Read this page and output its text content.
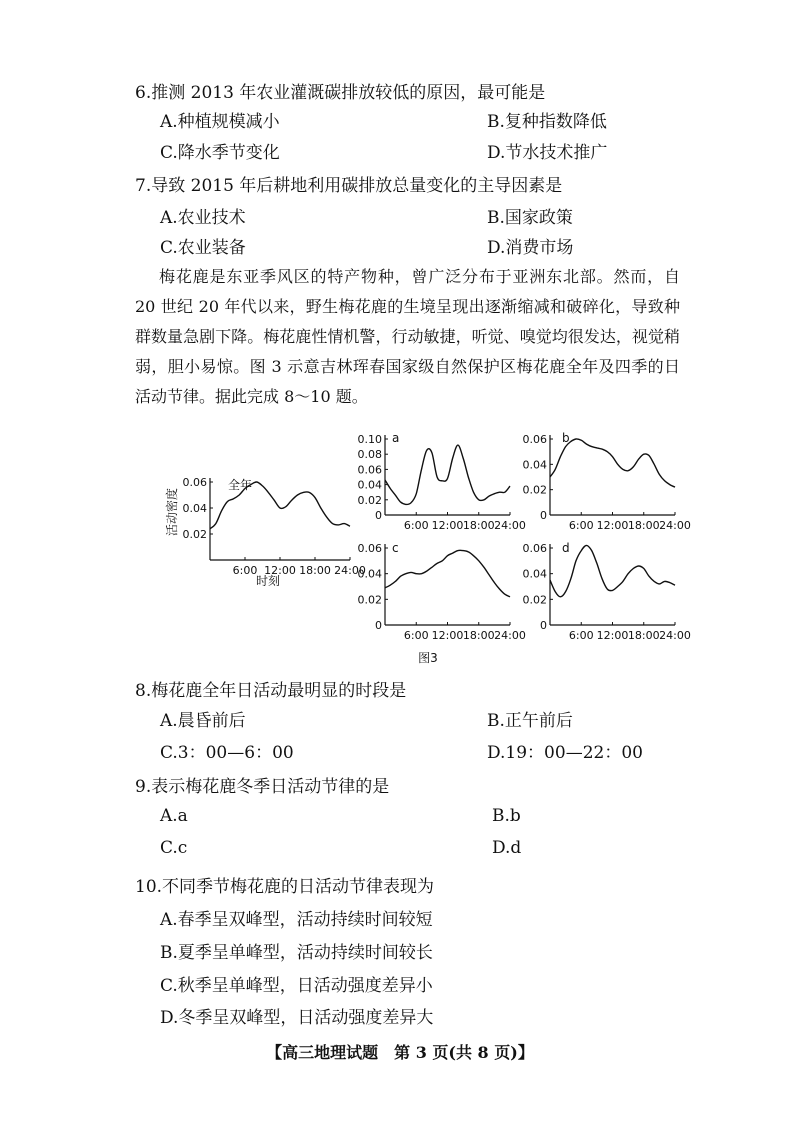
6.推测 2013 年农业灌溉碳排放较低的原因，最可能是
A.种植规模减小	B.复种指数降低
C.降水季节变化	D.节水技术推广
7.导致 2015 年后耕地利用碳排放总量变化的主导因素是
A.农业技术	B.国家政策
C.农业装备	D.消费市场
梅花鹿是东亚季风区的特产物种，曾广泛分布于亚洲东北部。然而，自 20 世纪 20 年代以来，野生梅花鹿的生境呈现出逐渐缩减和破碎化，导致种群数量急剧下降。梅花鹿性情机警，行动敏捷，听觉、嗅觉均很发达，视觉稍弱，胆小易惊。图 3 示意吉林珲春国家级自然保护区梅花鹿全年及四季的日活动节律。据此完成 8～10 题。
图3
6:00 12:00 18:00 24:00
0.02
0.04
0.06 全年
活动密度
时刻
6:00 12:00 18:00 24:00
0
0.02
0.04
0.06
0.08
0.10 a
6:00 12:00 18:00 24:00
0
0.02
0.04
0.06 b
6:00 12:00 18:00 24:00
0
0.02
0.04
0.06 c
6:00 12:00 18:00 24:00
0
0.02
0.04
0.06 d
8.梅花鹿全年日活动最明显的时段是
A.晨昏前后	B.正午前后
C.3：00—6：00	D.19：00—22：00
9.表示梅花鹿冬季日活动节律的是
A.a	B.b
C.c	D.d
10.不同季节梅花鹿的日活动节律表现为
A.春季呈双峰型，活动持续时间较短
B.夏季呈单峰型，活动持续时间较长
C.秋季呈单峰型，日活动强度差异小
D.冬季呈双峰型，日活动强度差异大
【高三地理试题　第 3 页(共 8 页)】
